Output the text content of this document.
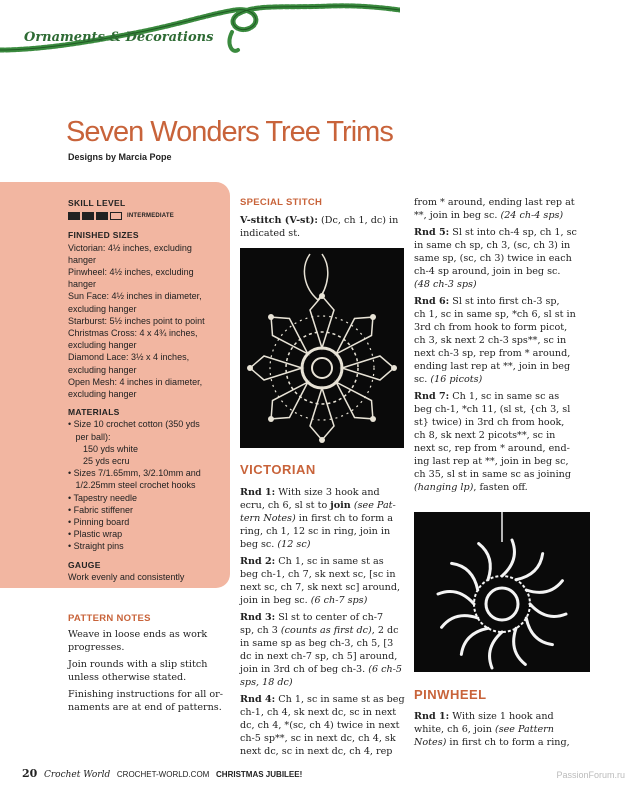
Ornaments & Decorations
Seven Wonders Tree Trims
Designs by Marcia Pope
SKILL LEVEL
INTERMEDIATE
FINISHED SIZES
Victorian: 4½ inches, excluding
hanger
Pinwheel: 4½ inches, excluding
hanger
Sun Face: 4½ inches in diameter,
excluding hanger
Starburst: 5½ inches point to point
Christmas Cross: 4 x 4¾ inches,
excluding hanger
Diamond Lace: 3½ x 4 inches,
excluding hanger
Open Mesh: 4 inches in diameter,
excluding hanger
MATERIALS
• Size 10 crochet cotton (350 yds
per ball):
150 yds white
25 yds ecru
• Sizes 7/1.65mm, 3/2.10mm and
1/2.25mm steel crochet hooks
• Tapestry needle
• Fabric stiffener
• Pinning board
• Plastic wrap
• Straight pins
GAUGE
Work evenly and consistently
PATTERN NOTES

Weave in loose ends as work
progresses.

Join rounds with a slip stitch
unless otherwise stated.

Finishing instructions for all or-
naments are at end of patterns.

SPECIAL STITCH
V-stitch (V-st): (Dc, ch 1, dc) in
indicated st.
VICTORIAN
Rnd 1: With size 3 hook and
ecru, ch 6, sl st to join (see Pat-
tern Notes) in first ch to form a
ring, ch 1, 12 sc in ring, join in
beg sc. (12 sc)
Rnd 2: Ch 1, sc in same st as
beg ch-1, ch 7, sk next sc, [sc in
next sc, ch 7, sk next sc] around,
join in beg sc. (6 ch-7 sps)
Rnd 3: Sl st to center of ch-7
sp, ch 3 (counts as first dc), 2 dc
in same sp as beg ch-3, ch 5, [3
dc in next ch-7 sp, ch 5] around,
join in 3rd ch of beg ch-3. (6 ch-5
sps, 18 dc)
Rnd 4: Ch 1, sc in same st as beg
ch-1, ch 4, sk next dc, sc in next
dc, ch 4, *(sc, ch 4) twice in next
ch-5 sp**, sc in next dc, ch 4, sk
next dc, sc in next dc, ch 4, rep
from * around, ending last rep at
**, join in beg sc. (24 ch-4 sps)
Rnd 5: Sl st into ch-4 sp, ch 1, sc
in same ch sp, ch 3, (sc, ch 3) in
same sp, (sc, ch 3) twice in each
ch-4 sp around, join in beg sc.
(48 ch-3 sps)
Rnd 6: Sl st into first ch-3 sp,
ch 1, sc in same sp, *ch 6, sl st in
3rd ch from hook to form picot,
ch 3, sk next 2 ch-3 sps**, sc in
next ch-3 sp, rep from * around,
ending last rep at **, join in beg
sc. (16 picots)
Rnd 7: Ch 1, sc in same sc as
beg ch-1, *ch 11, (sl st, {ch 3, sl
st} twice) in 3rd ch from hook,
ch 8, sk next 2 picots**, sc in
next sc, rep from * around, end-
ing last rep at **, join in beg sc,
ch 35, sl st in same sc as joining
(hanging lp), fasten off.
PINWHEEL
Rnd 1: With size 1 hook and
white, ch 6, join (see Pattern
Notes) in first ch to form a ring,
20 Crochet World CROCHET-WORLD.COM CHRISTMAS JUBILEE!	PassionForum.ru
